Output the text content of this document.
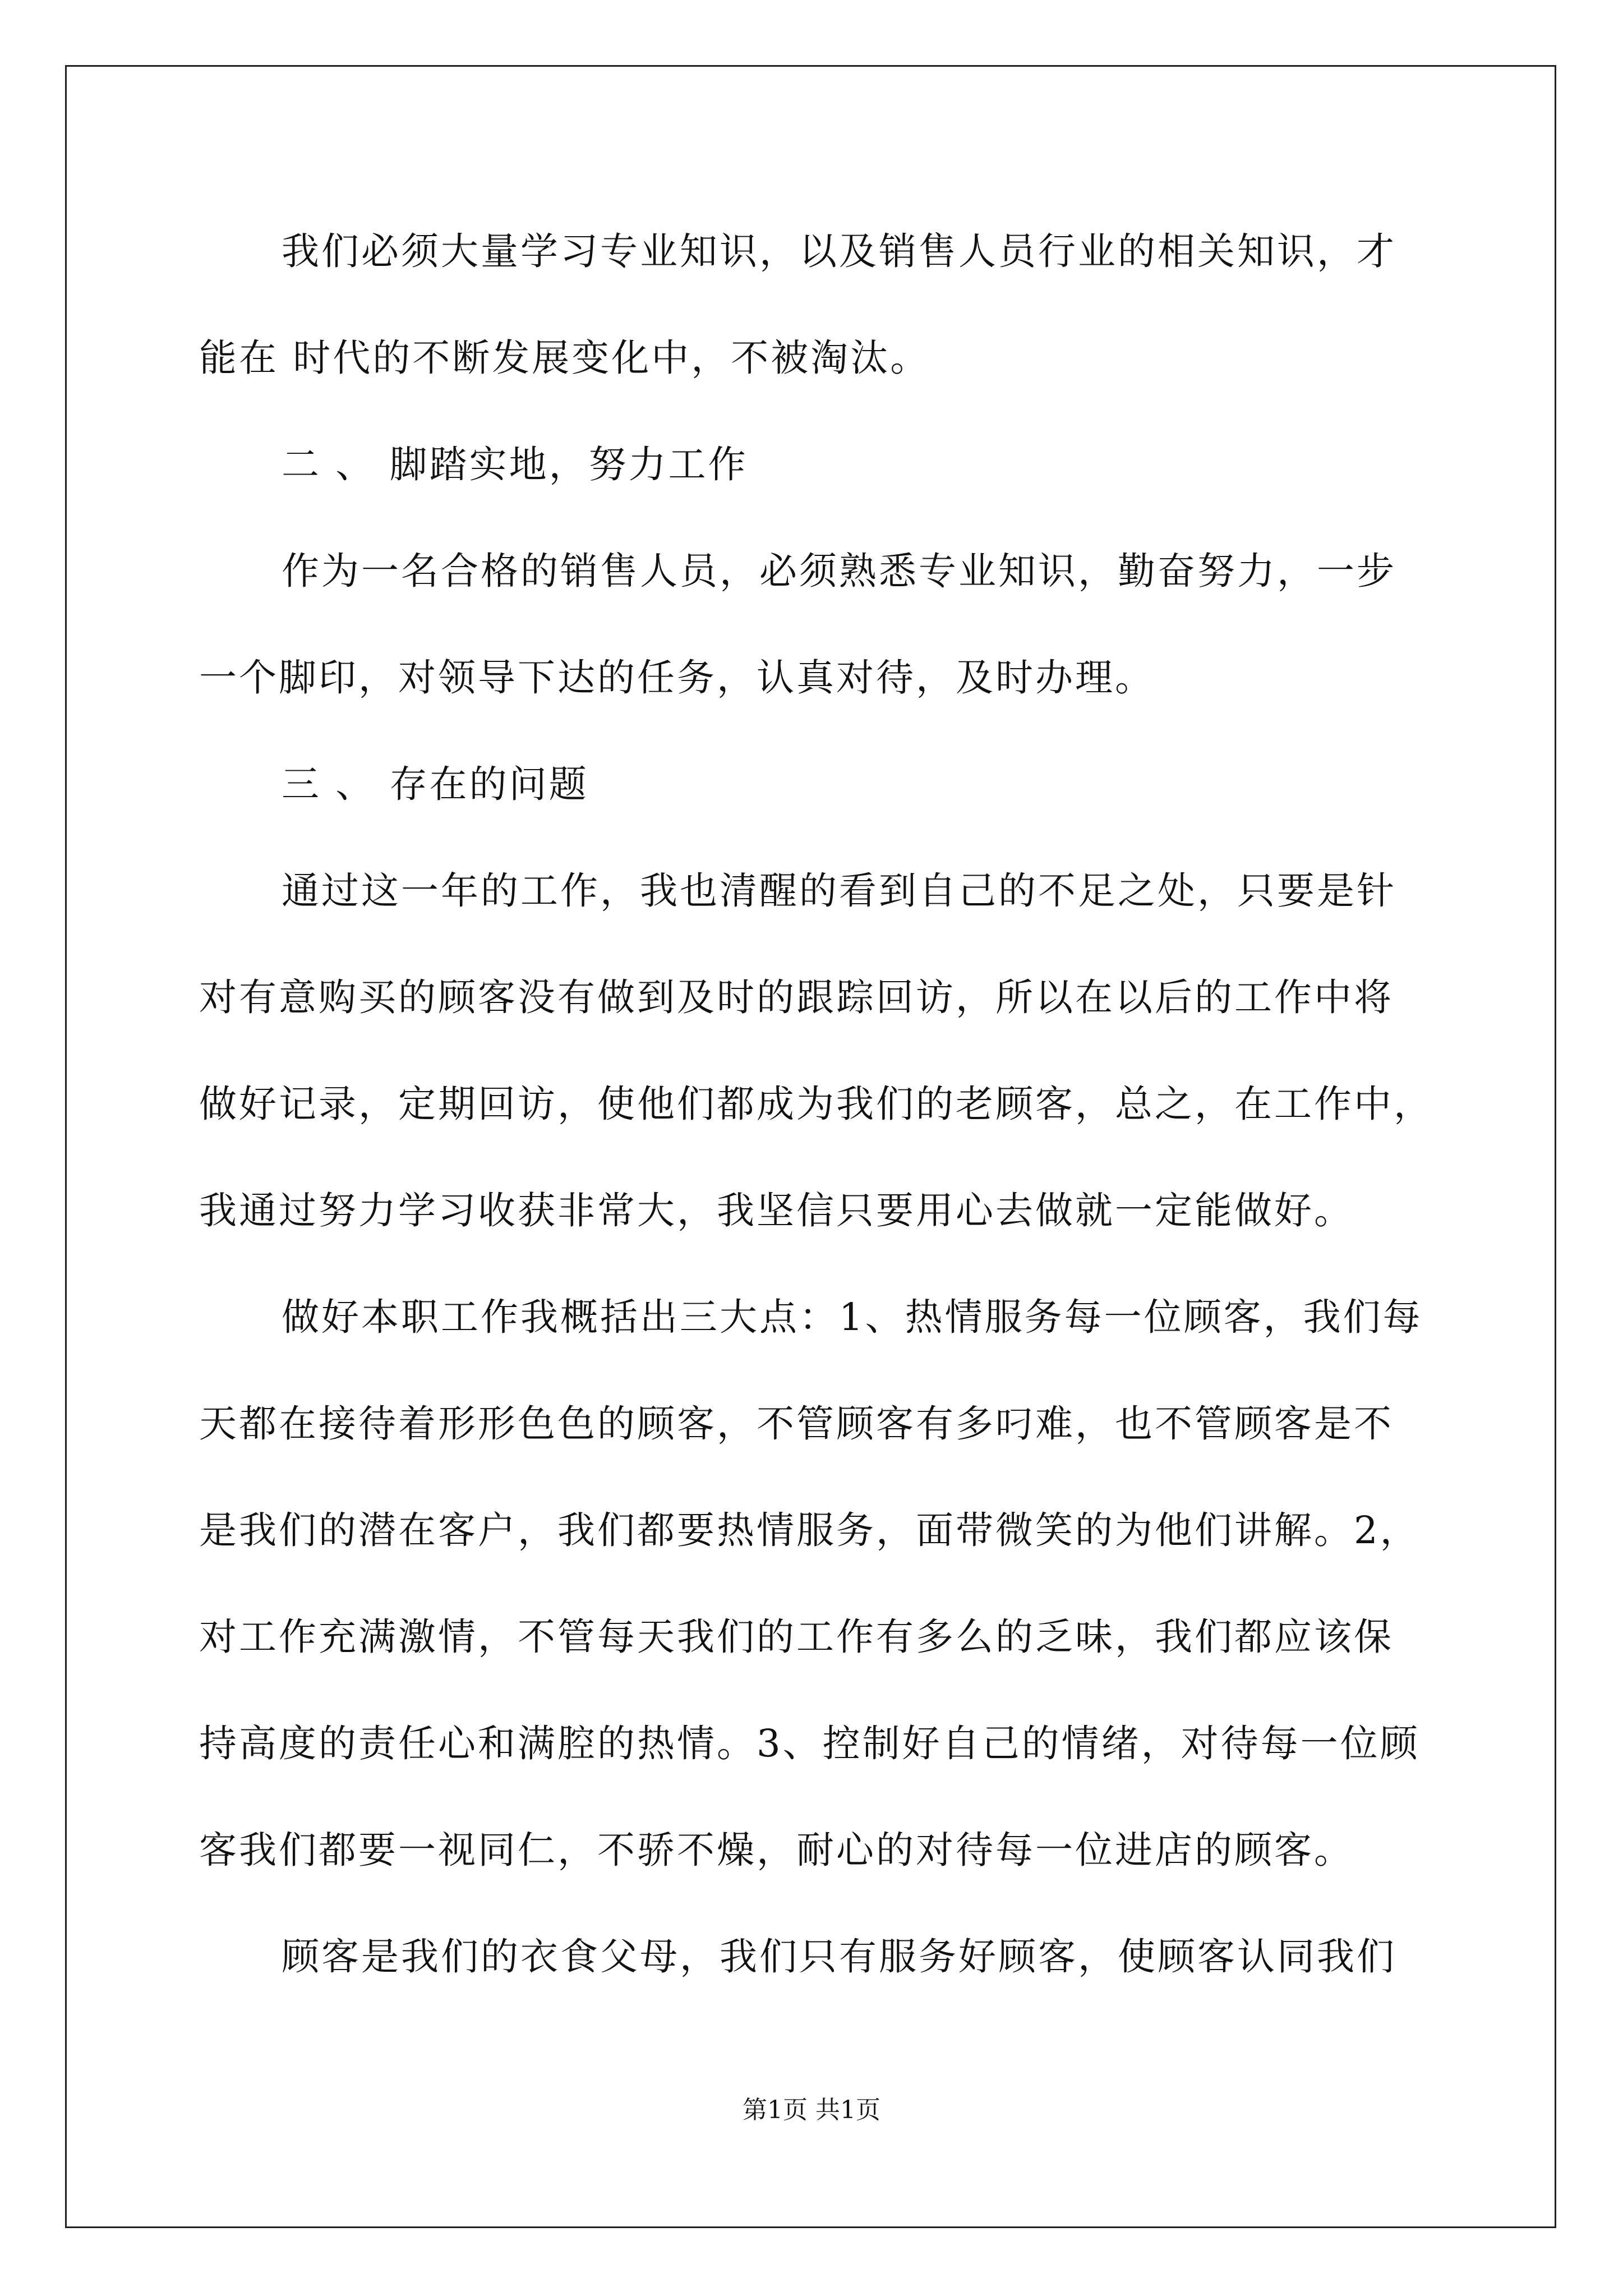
我们必须大量学习专业知识，以及销售人员行业的相关知识，才
能在 时代的不断发展变化中，不被淘汰。
二 、 脚踏实地，努力工作
作为一名合格的销售人员，必须熟悉专业知识，勤奋努力，一步
一个脚印，对领导下达的任务，认真对待，及时办理。
三 、 存在的问题
通过这一年的工作，我也清醒的看到自己的不足之处，只要是针
对有意购买的顾客没有做到及时的跟踪回访，所以在以后的工作中将
做好记录，定期回访，使他们都成为我们的老顾客，总之，在工作中，
我通过努力学习收获非常大，我坚信只要用心去做就一定能做好。
做好本职工作我概括出三大点：1、热情服务每一位顾客，我们每
天都在接待着形形色色的顾客，不管顾客有多叼难，也不管顾客是不
是我们的潜在客户，我们都要热情服务，面带微笑的为他们讲解。2，
对工作充满激情，不管每天我们的工作有多么的乏味，我们都应该保
持高度的责任心和满腔的热情。3、控制好自己的情绪，对待每一位顾
客我们都要一视同仁，不骄不燥，耐心的对待每一位进店的顾客。
顾客是我们的衣食父母，我们只有服务好顾客，使顾客认同我们
第1页 共1页
